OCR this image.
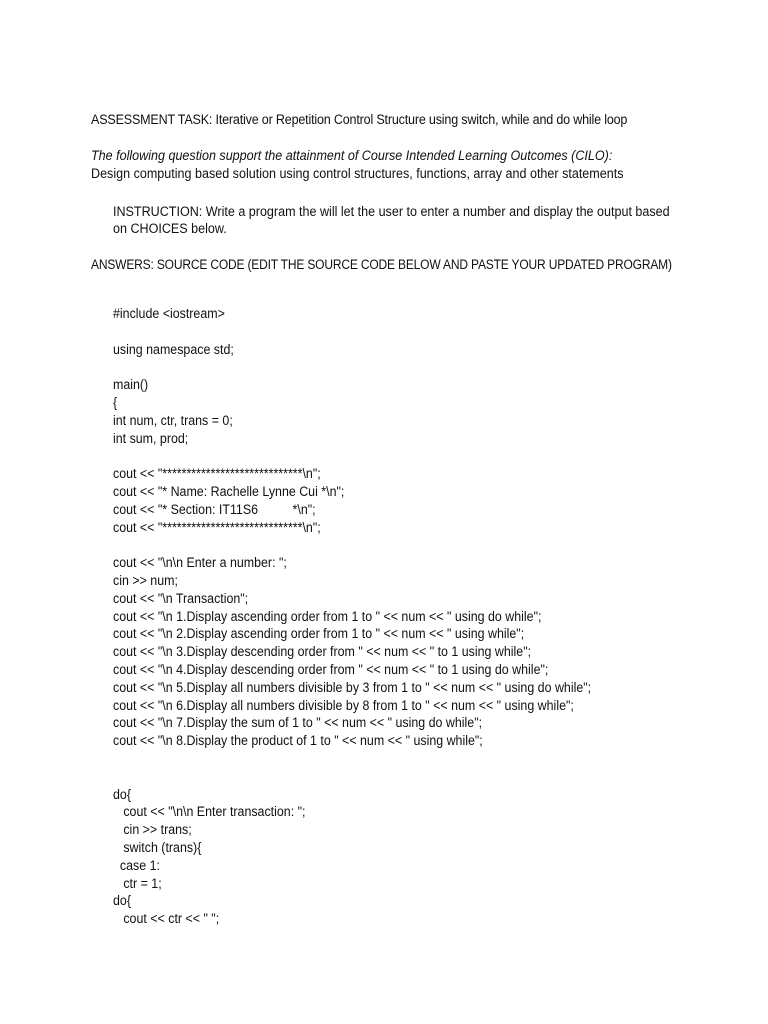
ASSESSMENT TASK: Iterative or Repetition Control Structure using switch, while and do while loop
The following question support the attainment of Course Intended Learning Outcomes (CILO): Design computing based solution using control structures, functions, array and other statements
INSTRUCTION: Write a program the will let the user to enter a number and display the output based on CHOICES below.
ANSWERS: SOURCE CODE (EDIT THE SOURCE CODE BELOW AND PASTE YOUR UPDATED PROGRAM)
#include <iostream>
using namespace std;
main()
{
int num, ctr, trans = 0;
int sum, prod;
cout << "*****************************\n";
cout << "* Name: Rachelle Lynne Cui *\n";
cout << "* Section: IT11S6          *\n";
cout << "*****************************\n";
cout << "\n\n Enter a number: ";
cin >> num;
cout << "\n Transaction";
cout << "\n 1.Display ascending order from 1 to " << num << " using do while";
cout << "\n 2.Display ascending order from 1 to " << num << " using while";
cout << "\n 3.Display descending order from " << num << " to 1 using while";
cout << "\n 4.Display descending order from " << num << " to 1 using do while";
cout << "\n 5.Display all numbers divisible by 3 from 1 to " << num << " using do while";
cout << "\n 6.Display all numbers divisible by 8 from 1 to " << num << " using while";
cout << "\n 7.Display the sum of 1 to " << num << " using do while";
cout << "\n 8.Display the product of 1 to " << num << " using while";
do{
cout << "\n\n Enter transaction: ";
cin >> trans;
switch (trans){
case 1:
ctr = 1;
do{
cout << ctr << " ";
